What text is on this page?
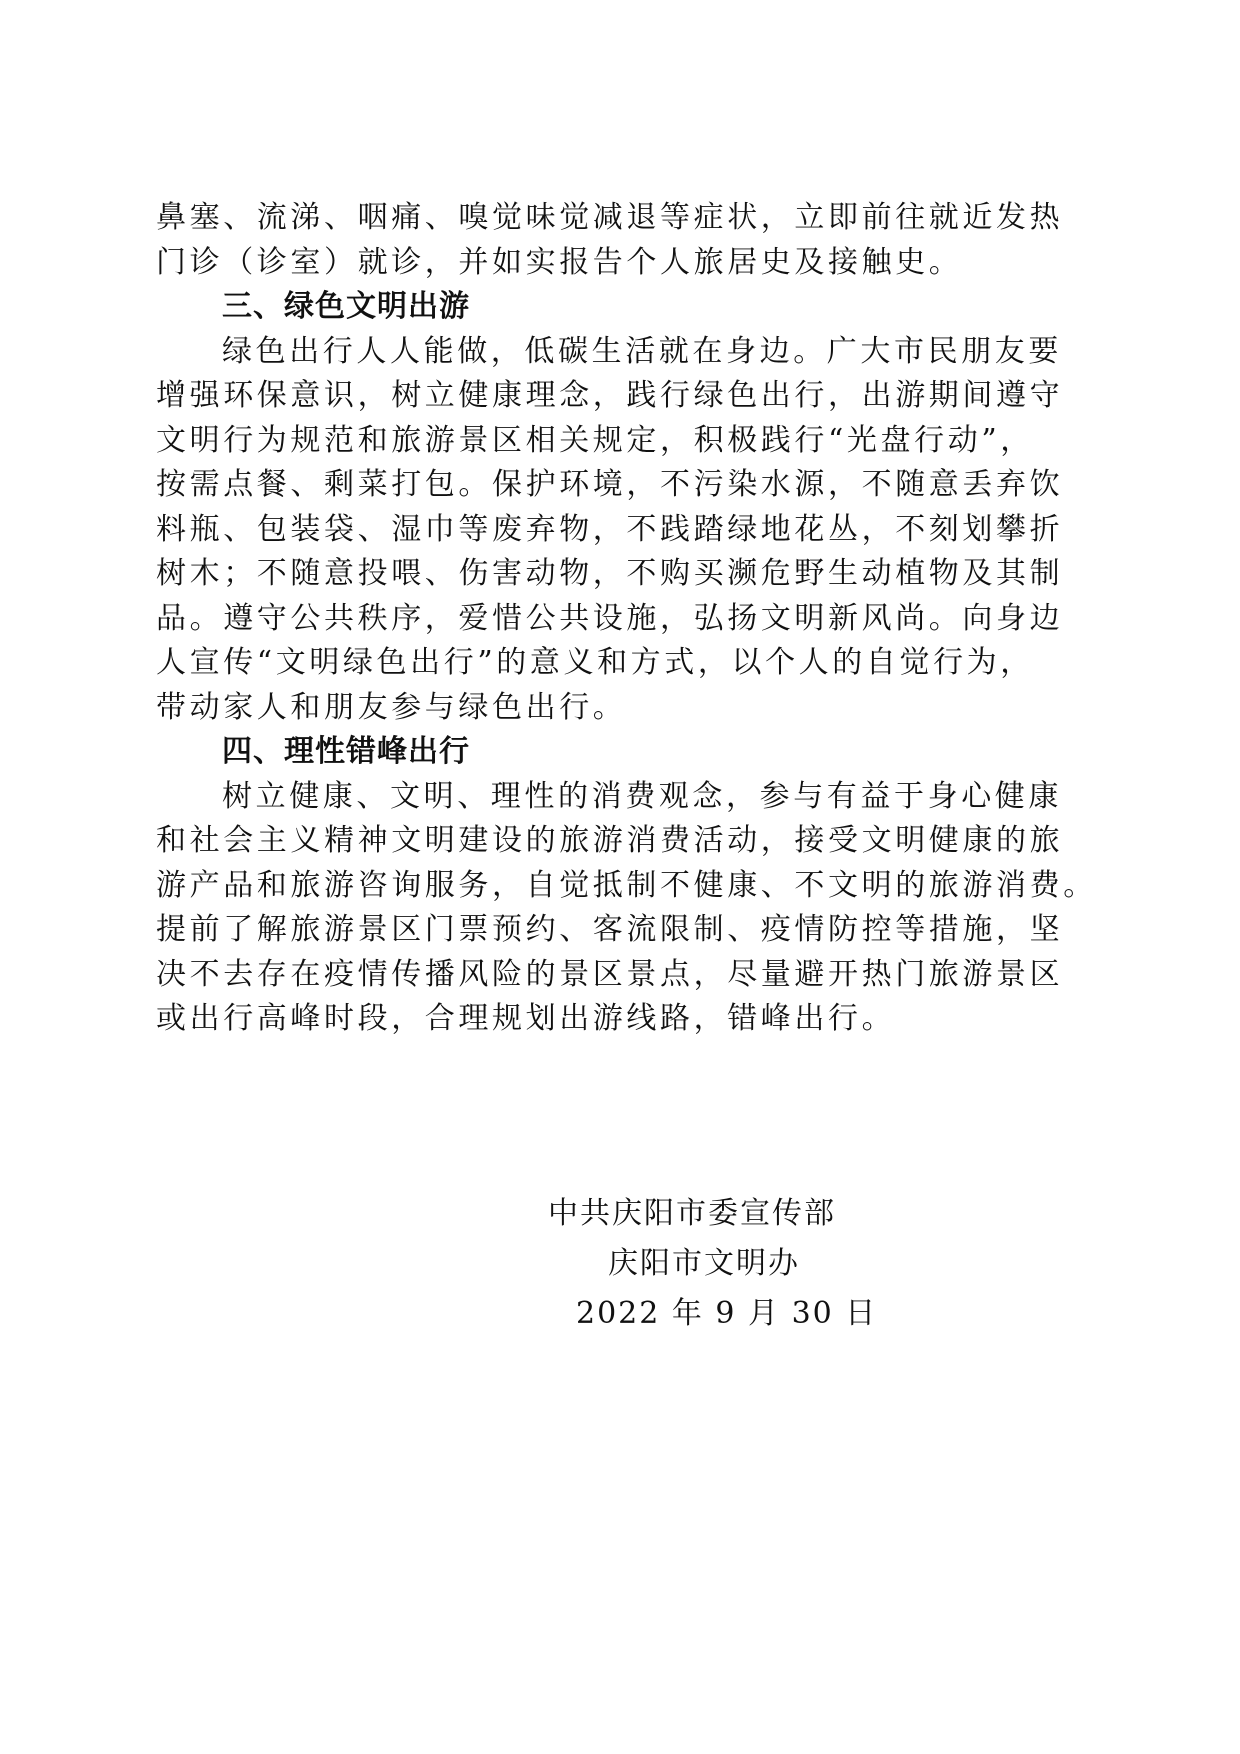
鼻塞、流涕、咽痛、嗅觉味觉减退等症状，立即前往就近发热
门诊（诊室）就诊，并如实报告个人旅居史及接触史。
三、绿色文明出游
绿色出行人人能做，低碳生活就在身边。广大市民朋友要
增强环保意识，树立健康理念，践行绿色出行，出游期间遵守
文明行为规范和旅游景区相关规定，积极践行“光盘行动”，
按需点餐、剩菜打包。保护环境，不污染水源，不随意丢弃饮
料瓶、包装袋、湿巾等废弃物，不践踏绿地花丛，不刻划攀折
树木；不随意投喂、伤害动物，不购买濒危野生动植物及其制
品。遵守公共秩序，爱惜公共设施，弘扬文明新风尚。向身边
人宣传“文明绿色出行”的意义和方式，以个人的自觉行为，
带动家人和朋友参与绿色出行。
四、理性错峰出行
树立健康、文明、理性的消费观念，参与有益于身心健康
和社会主义精神文明建设的旅游消费活动，接受文明健康的旅
游产品和旅游咨询服务，自觉抵制不健康、不文明的旅游消费。
提前了解旅游景区门票预约、客流限制、疫情防控等措施，坚
决不去存在疫情传播风险的景区景点，尽量避开热门旅游景区
或出行高峰时段，合理规划出游线路，错峰出行。
中共庆阳市委宣传部
庆阳市文明办
2022 年 9 月 30 日
